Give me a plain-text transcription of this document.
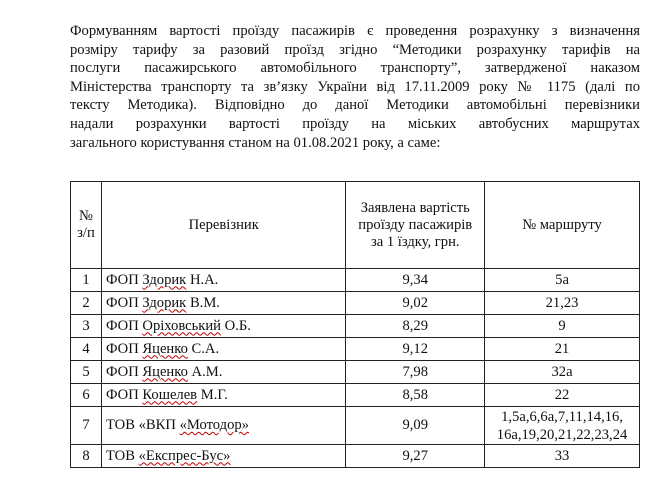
Формуванням вартості проїзду пасажирів є проведення розрахунку з визначення
розміру тарифу за разовий проїзд згідно “Методики розрахунку тарифів на
послуги пасажирського автомобільного транспорту”, затвердженої наказом
Міністерства транспорту та зв’язку України від 17.11.2009 року № 1175 (далі по
тексту Методика). Відповідно до даної Методики автомобільні перевізники
надали розрахунки вартості проїзду на міських автобусних маршрутах
загального користування станом на 01.08.2021 року, а саме:
№ з/п	Перевізник	Заявлена вартість проїзду пасажирів за 1 їздку, грн.	№ маршруту
1	ФОП Здорик Н.А.	9,34	5а
2	ФОП Здорик В.М.	9,02	21,23
3	ФОП Оріховський О.Б.	8,29	9
4	ФОП Яценко С.А.	9,12	21
5	ФОП Яценко А.М.	7,98	32а
6	ФОП Кошелев М.Г.	8,58	22
7	ТОВ «ВКП «Мотодор»	9,09	1,5а,6,6а,7,11,14,16, 16а,19,20,21,22,23,24
8	ТОВ «Експрес-Бус»	9,27	33
